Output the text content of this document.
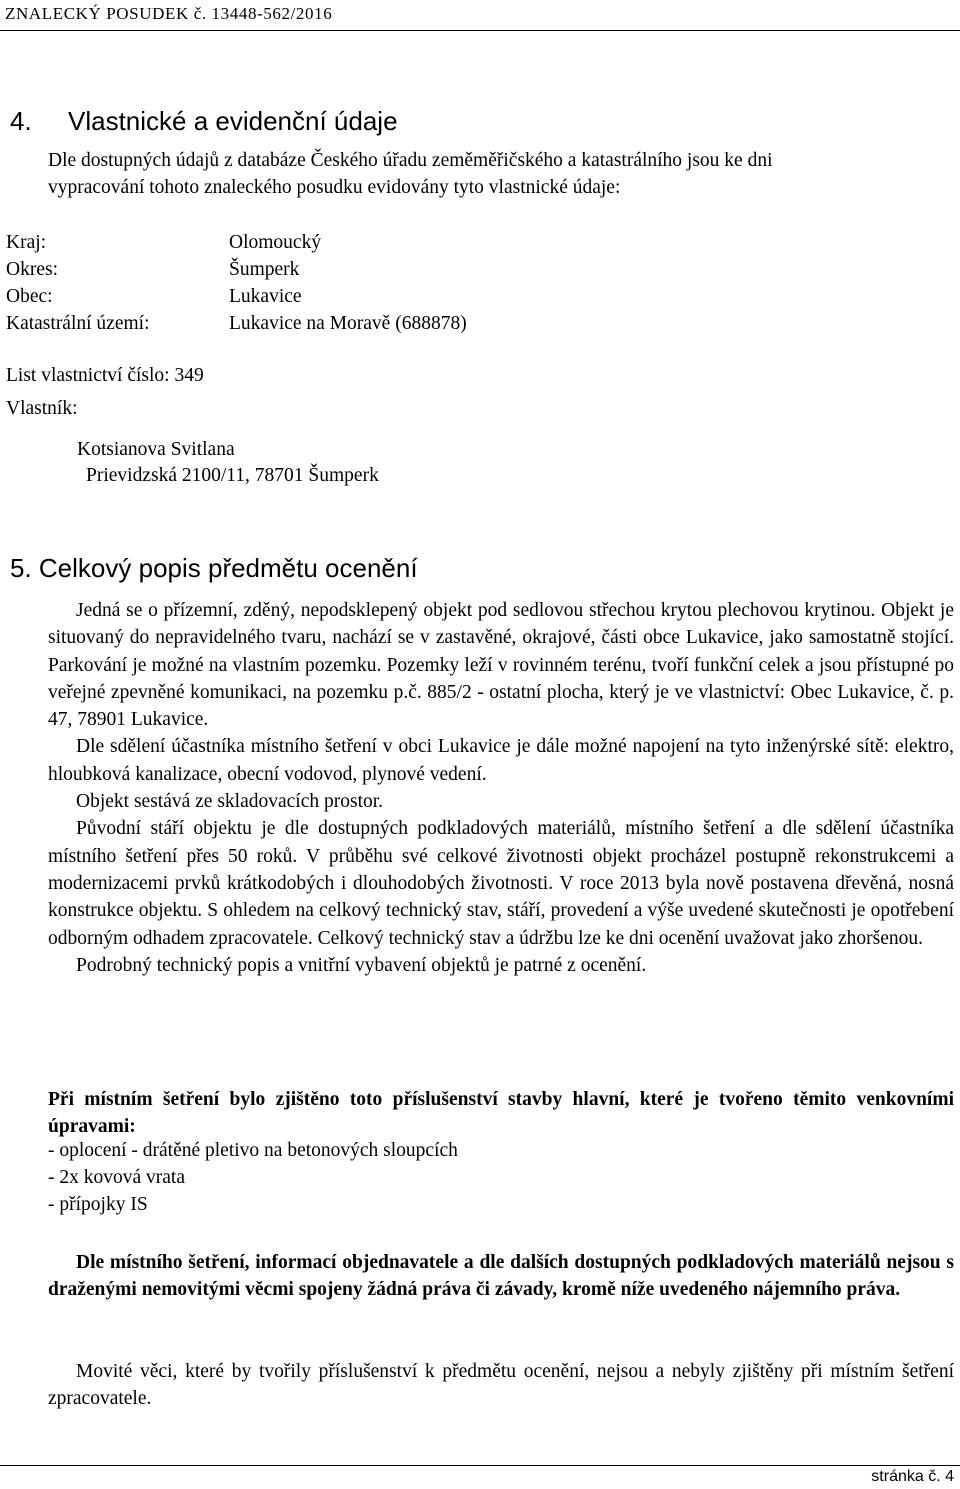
ZNALECKÝ POSUDEK č. 13448-562/2016
4. Vlastnické a evidenční údaje
Dle dostupných údajů z databáze Českého úřadu zeměměřičského a katastrálního jsou ke dni
vypracování tohoto znaleckého posudku evidovány tyto vlastnické údaje:
Kraj:	Olomoucký
Okres:	Šumperk
Obec:	Lukavice
Katastrální území:	Lukavice na Moravě (688878)
List vlastnictví číslo: 349
Vlastník:
Kotsianova Svitlana
Prievidzská 2100/11, 78701 Šumperk
5. Celkový popis předmětu ocenění

Jedná se o přízemní, zděný, nepodsklepený objekt pod sedlovou střechou krytou plechovou krytinou. Objekt je situovaný do nepravidelného tvaru, nachází se v zastavěné, okrajové, části obce Lukavice, jako samostatně stojící. Parkování je možné na vlastním pozemku. Pozemky leží v rovinném terénu, tvoří funkční celek a jsou přístupné po veřejné zpevněné komunikaci, na pozemku p.č. 885/2 - ostatní plocha, který je ve vlastnictví: Obec Lukavice, č. p. 47, 78901 Lukavice.

Dle sdělení účastníka místního šetření v obci Lukavice je dále možné napojení na tyto inženýrské sítě: elektro, hloubková kanalizace, obecní vodovod, plynové vedení.

Objekt sestává ze skladovacích prostor.

Původní stáří objektu je dle dostupných podkladových materiálů, místního šetření a dle sdělení účastníka místního šetření přes 50 roků. V průběhu své celkové životnosti objekt procházel postupně rekonstrukcemi a modernizacemi prvků krátkodobých i dlouhodobých životnosti. V roce 2013 byla nově postavena dřevěná, nosná konstrukce objektu. S ohledem na celkový technický stav, stáří, provedení a výše uvedené skutečnosti je opotřebení odborným odhadem zpracovatele. Celkový technický stav a údržbu lze ke dni ocenění uvažovat jako zhoršenou.

Podrobný technický popis a vnitřní vybavení objektů je patrné z ocenění.

Při místním šetření bylo zjištěno toto příslušenství stavby hlavní, které je tvořeno těmito venkovními úpravami:
- oplocení - drátěné pletivo na betonových sloupcích
- 2x kovová vrata
- přípojky IS
Dle místního šetření, informací objednavatele a dle dalších dostupných podkladových materiálů nejsou s draženými nemovitými věcmi spojeny žádná práva či závady, kromě níže uvedeného nájemního práva.
Movité věci, které by tvořily příslušenství k předmětu ocenění, nejsou a nebyly zjištěny při místním šetření zpracovatele.
stránka č. 4
